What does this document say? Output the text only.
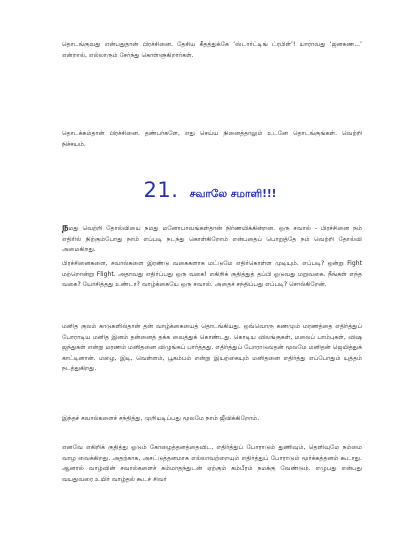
தொடங்குவது என்பதுதான் பிரச்சினை. தேசிய கீதத்துக்கே ‘ஸ்டார்ட்டிங் ட்ரபிள்’! யாராவது ‘ஜனகண...’ என்றால், எல்லாரும் சேர்ந்து கொள்ளுகிறார்கள்.

தொடக்கம்தான் பிரச்சினை. தண்பர்களே, எது செய்ய நினைத்தாலும் உடனே தொடங்குங்கள். வெற்றி நிச்சயம்.

21. சவாலே சமாளி!!!

நமது வெற்றி தோல்வியை நமது மனோபாவங்கள்தான் நிர்ணயிக்கின்றன. ஒரு சவால் - பிரச்சினை நம் எதிரில் நிற்கும்போது நாம் எப்படி நடந்து கொள்கிறோம் என்பதைப் பொறுத்தே நம் வெற்றி தோல்வி அமைகிறது.

பிரச்சினைகளை, சவால்களை இரண்டு வகைகளாக மட்டுமே எதிர்கொள்ள முடியும். எப்படி? ஒன்று Fight மற்றொன்று Flight. அதாவது எதிர்ப்பது ஒரு வகை! எகிறிக் குதித்துத் தப்பி ஓடுவது மறுவகை. நீங்கள் எந்த வகை? யோசித்தது உண்டா? வாழ்க்கையே ஒரு சவால். அதைச் சந்திப்பது எப்படி? சொல்கிறேன்.

மனித குலம் காடுகளில்தான் தன் வாழ்க்கையைத் தொடங்கியது. ஒவ்வொரு கணமும் மரணத்தை எதிர்த்துப் போராடிய மனித இனம் தன்னைத் தக்க வைத்துக் கொண்டது. கொடிய விலங்குகள், மலைப் பாம்புகள், விஷ ஜந்துகள் என்று மரணம் மனிதனை விழுங்கப் பார்த்தது. எதிர்த்துப் போராடுவதன் மூலமே மனிதன் ஜெயித்துக் காட்டினான். மழை, இடி, வெள்ளம், பூகம்பம் என்று இயற்கையும் மனிதனை எதிர்த்து எப்போதும் யுத்தம் நடத்துகிறது.

இந்தச் சவால்களைச் சந்தித்து, முறியடிப்பது மூலமே நாம் ஜீவிக்கிறோம்.

எனவே எகிறிக் குதித்து ஓடும் கோழைத்தனத்தைவிட, எதிர்த்துப் போராடும் துணிவும், தெளிவுமே நம்மை வாழ வைக்கிறது. அதற்காக, அசட்டுத்தனமாக எல்லாவற்றையும் எதிர்த்துப் போராடும் மூர்க்கத்தனம் கூடாது. ஆனால் வாழ்வின் சவால்களைச் சும்மாதந்துடன் ஏற்கும் கம்பீரம் நமக்கு வேண்டும். எழுபது என்பது வயதுவரை உயிர் வாழ்தல் கூடச் சிவர்
